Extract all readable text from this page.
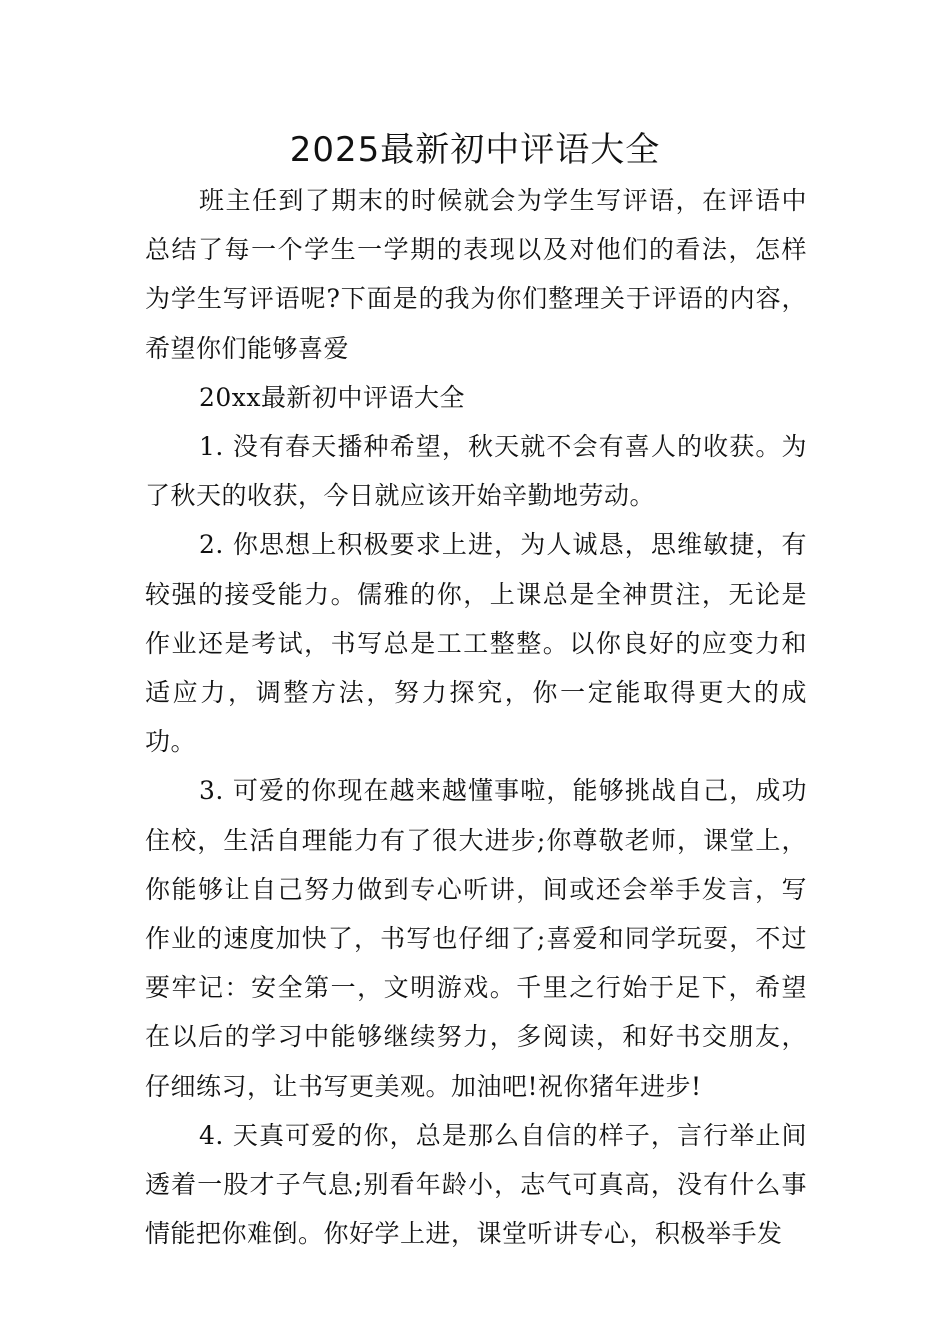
2025最新初中评语大全

班主任到了期末的时候就会为学生写评语，在评语中总结了每一个学生一学期的表现以及对他们的看法，怎样为学生写评语呢?下面是的我为你们整理关于评语的内容，希望你们能够喜爱

20xx最新初中评语大全

1. 没有春天播种希望，秋天就不会有喜人的收获。为了秋天的收获，今日就应该开始辛勤地劳动。

2. 你思想上积极要求上进，为人诚恳，思维敏捷，有较强的接受能力。儒雅的你，上课总是全神贯注，无论是作业还是考试，书写总是工工整整。以你良好的应变力和适应力，调整方法，努力探究，你一定能取得更大的成功。

3. 可爱的你现在越来越懂事啦，能够挑战自己，成功住校，生活自理能力有了很大进步;你尊敬老师，课堂上，你能够让自己努力做到专心听讲，间或还会举手发言，写作业的速度加快了，书写也仔细了;喜爱和同学玩耍，不过要牢记：安全第一，文明游戏。千里之行始于足下，希望在以后的学习中能够继续努力，多阅读，和好书交朋友，仔细练习，让书写更美观。加油吧!祝你猪年进步!

4. 天真可爱的你，总是那么自信的样子，言行举止间透着一股才子气息;别看年龄小，志气可真高，没有什么事情能把你难倒。你好学上进，课堂听讲专心，积极举手发
